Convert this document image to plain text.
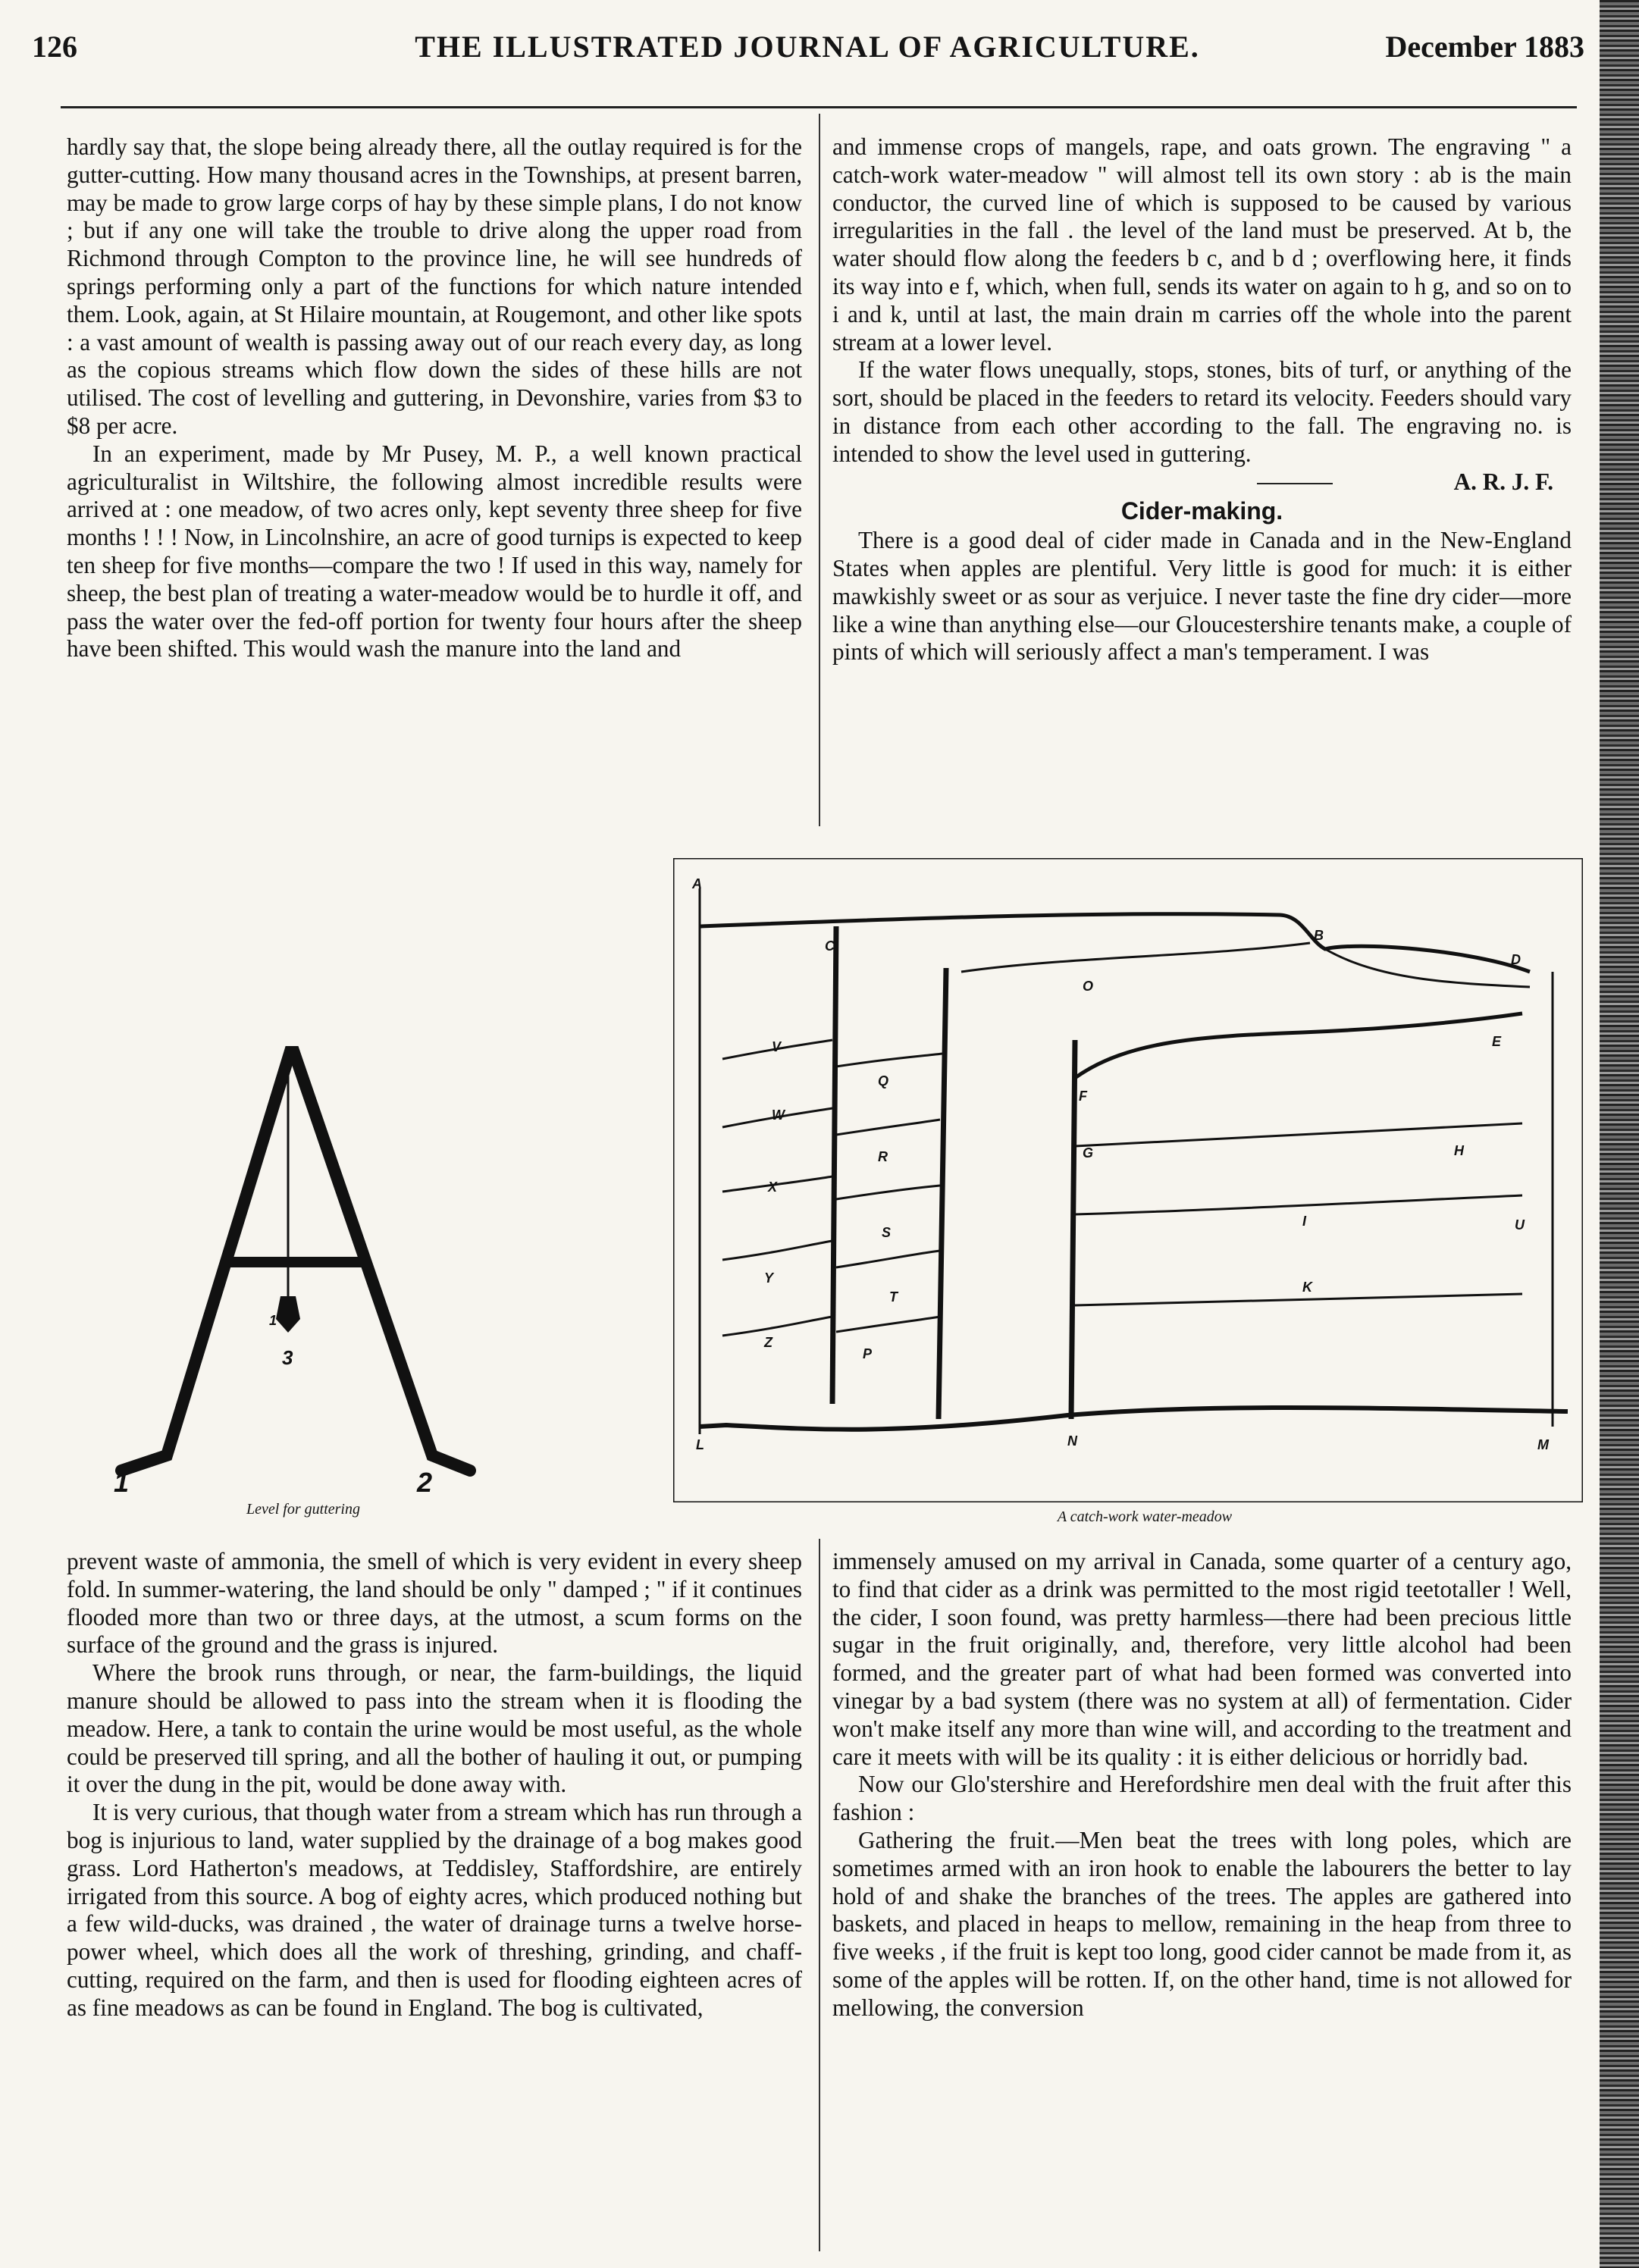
126	THE ILLUSTRATED JOURNAL OF AGRICULTURE.	December 1883

hardly say that, the slope being already there, all the outlay required is for the gutter-cutting. How many thousand acres in the Townships, at present barren, may be made to grow large corps of hay by these simple plans, I do not know ; but if any one will take the trouble to drive along the upper road from Richmond through Compton to the province line, he will see hundreds of springs performing only a part of the functions for which nature intended them. Look, again, at St Hilaire mountain, at Rougemont, and other like spots : a vast amount of wealth is passing away out of our reach every day, as long as the copious streams which flow down the sides of these hills are not utilised. The cost of levelling and guttering, in Devonshire, varies from $3 to $8 per acre.

In an experiment, made by Mr Pusey, M. P., a well known practical agriculturalist in Wiltshire, the following almost incredible results were arrived at : one meadow, of two acres only, kept seventy three sheep for five months ! ! ! Now, in Lincolnshire, an acre of good turnips is expected to keep ten sheep for five months—compare the two ! If used in this way, namely for sheep, the best plan of treating a water-meadow would be to hurdle it off, and pass the water over the fed-off portion for twenty four hours after the sheep have been shifted. This would wash the manure into the land and

and immense crops of mangels, rape, and oats grown. The engraving " a catch-work water-meadow " will almost tell its own story : ab is the main conductor, the curved line of which is supposed to be caused by various irregularities in the fall . the level of the land must be preserved. At b, the water should flow along the feeders b c, and b d ; overflowing here, it finds its way into e f, which, when full, sends its water on again to h g, and so on to i and k, until at last, the main drain m carries off the whole into the parent stream at a lower level.

If the water flows unequally, stops, stones, bits of turf, or anything of the sort, should be placed in the feeders to retard its velocity. Feeders should vary in distance from each other according to the fall. The engraving no. is intended to show the level used in guttering.

A. R. J. F.
Cider-making.

There is a good deal of cider made in Canada and in the New-England States when apples are plentiful. Very little is good for much: it is either mawkishly sweet or as sour as verjuice. I never taste the fine dry cider—more like a wine than anything else—our Gloucestershire tenants make, a couple of pints of which will seriously affect a man's temperament. I was

1
3
1	2
Level for guttering
A
B
D
C
O
V
Q
E
F
W
R	G	H
X
S
I	U
Y
T
P
Z
K
L	N	M
A catch-work water-meadow

prevent waste of ammonia, the smell of which is very evident in every sheep fold. In summer-watering, the land should be only " damped ; " if it continues flooded more than two or three days, at the utmost, a scum forms on the surface of the ground and the grass is injured.

Where the brook runs through, or near, the farm-buildings, the liquid manure should be allowed to pass into the stream when it is flooding the meadow. Here, a tank to contain the urine would be most useful, as the whole could be preserved till spring, and all the bother of hauling it out, or pumping it over the dung in the pit, would be done away with.

It is very curious, that though water from a stream which has run through a bog is injurious to land, water supplied by the drainage of a bog makes good grass. Lord Hatherton's meadows, at Teddisley, Staffordshire, are entirely irrigated from this source. A bog of eighty acres, which produced nothing but a few wild-ducks, was drained , the water of drainage turns a twelve horse-power wheel, which does all the work of threshing, grinding, and chaff-cutting, required on the farm, and then is used for flooding eighteen acres of as fine meadows as can be found in England. The bog is cultivated,

immensely amused on my arrival in Canada, some quarter of a century ago, to find that cider as a drink was permitted to the most rigid teetotaller ! Well, the cider, I soon found, was pretty harmless—there had been precious little sugar in the fruit originally, and, therefore, very little alcohol had been formed, and the greater part of what had been formed was converted into vinegar by a bad system (there was no system at all) of fermentation. Cider won't make itself any more than wine will, and according to the treatment and care it meets with will be its quality : it is either delicious or horridly bad.

Now our Glo'stershire and Herefordshire men deal with the fruit after this fashion :

Gathering the fruit.—Men beat the trees with long poles, which are sometimes armed with an iron hook to enable the labourers the better to lay hold of and shake the branches of the trees. The apples are gathered into baskets, and placed in heaps to mellow, remaining in the heap from three to five weeks , if the fruit is kept too long, good cider cannot be made from it, as some of the apples will be rotten. If, on the other hand, time is not allowed for mellowing, the conversion
